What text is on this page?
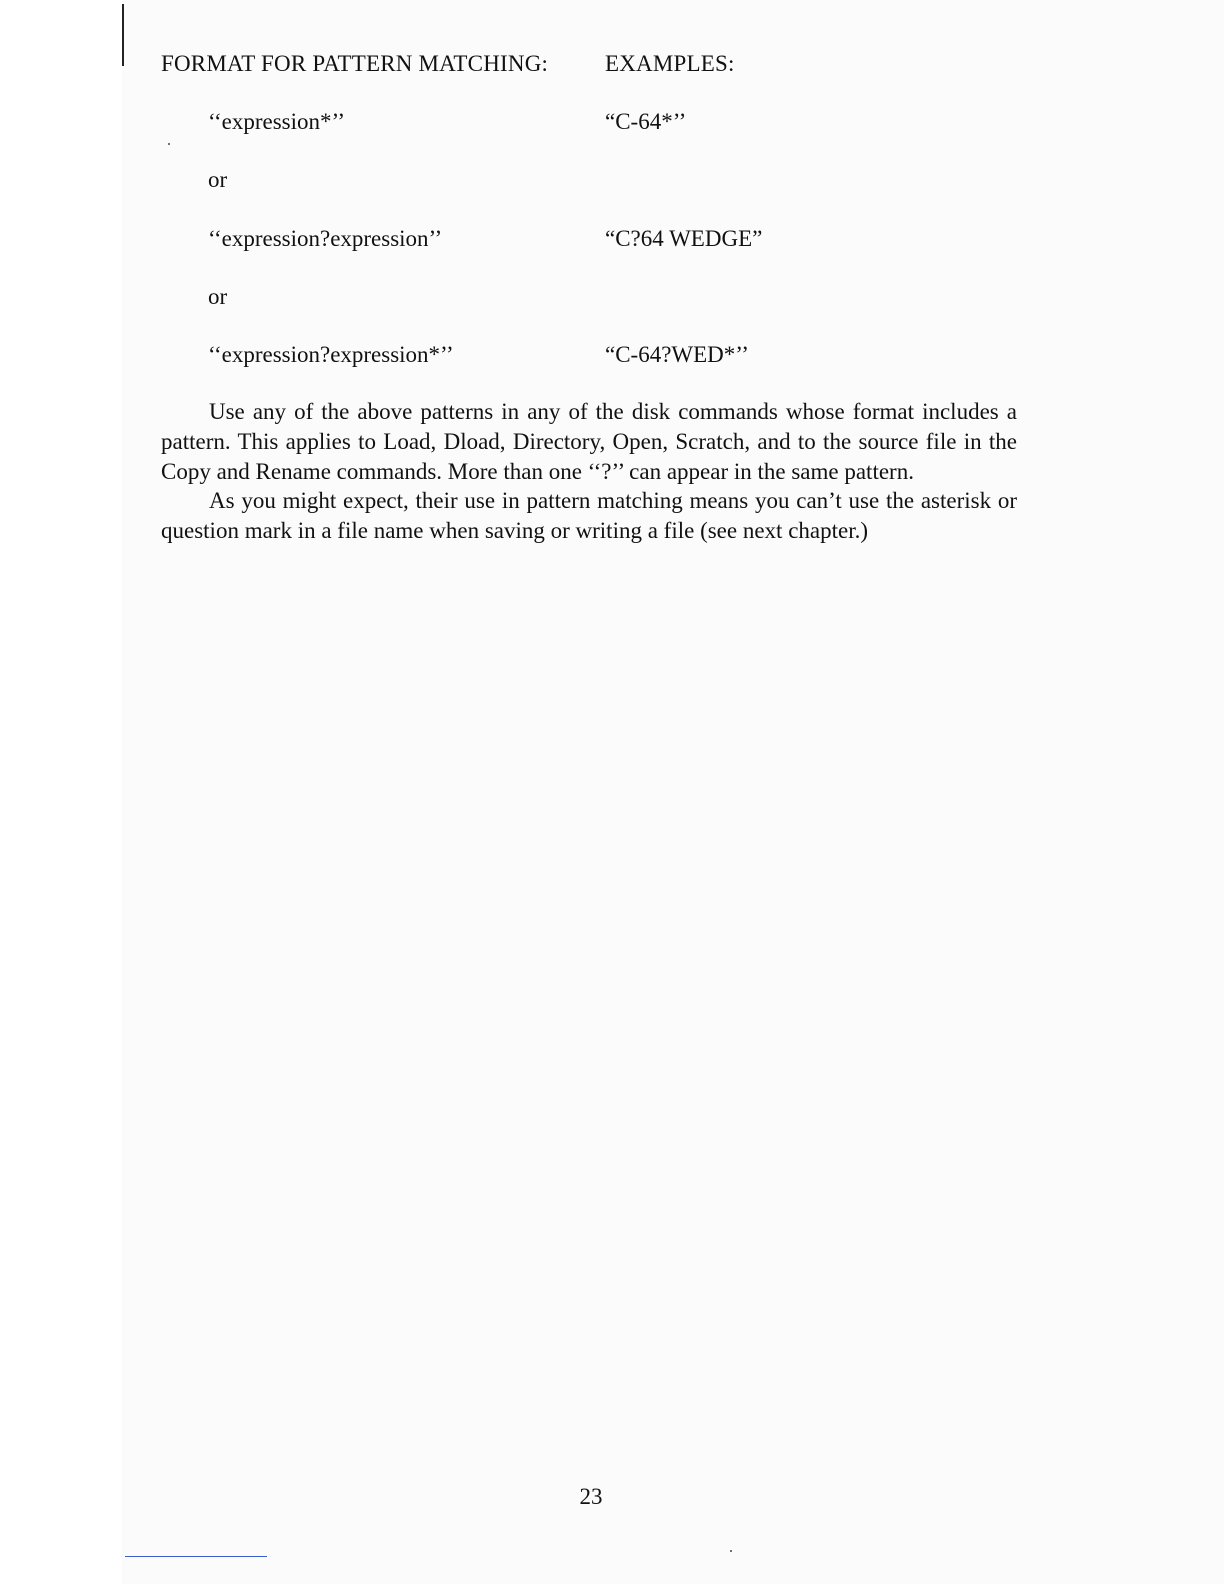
FORMAT FOR PATTERN MATCHING: EXAMPLES:
‘‘expression*’’	“C-64*’’
or
‘‘expression?expression’’	“C?64 WEDGE”
or
‘‘expression?expression*’’	“C-64?WED*’’
Use any of the above patterns in any of the disk commands whose format includes a pattern. This applies to Load, Dload, Directory, Open, Scratch, and to the source file in the Copy and Rename commands. More than one ‘‘?’’ can appear in the same pattern.
As you might expect, their use in pattern matching means you can’t use the asterisk or question mark in a file name when saving or writing a file (see next chapter.)
23
